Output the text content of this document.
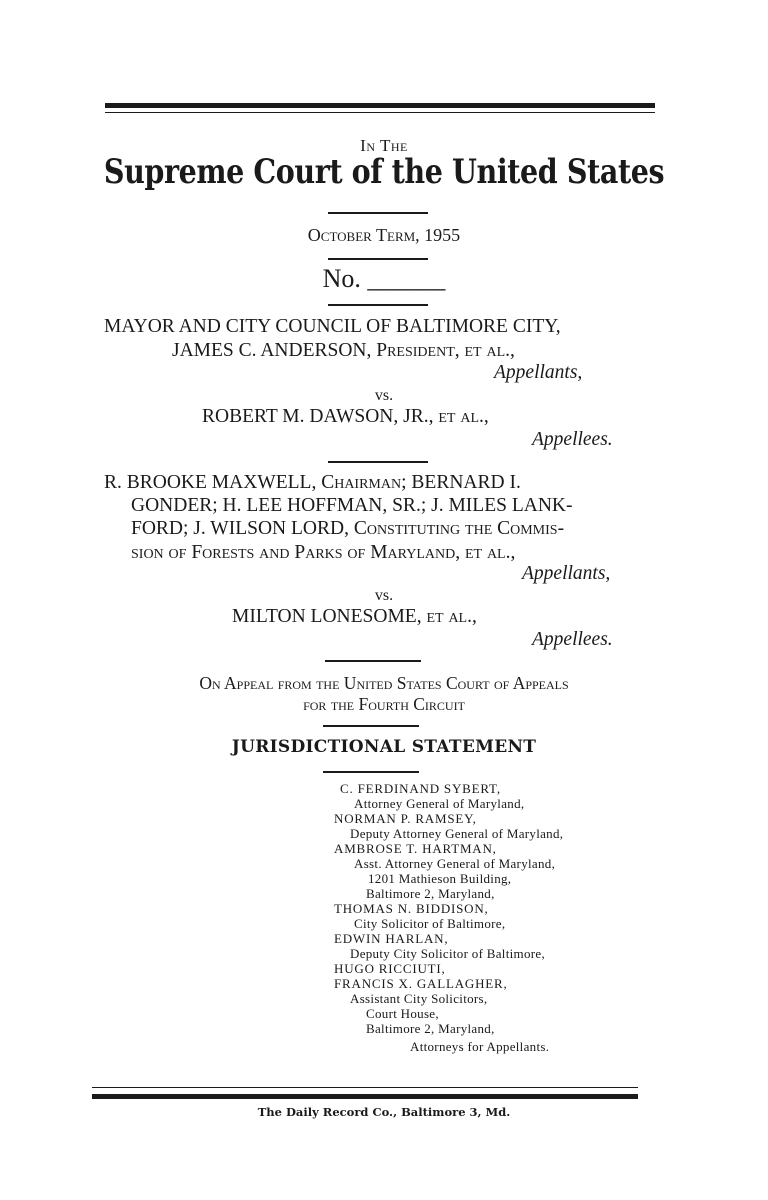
In The
Supreme Court of the United States
October Term, 1955
No. ______
MAYOR AND CITY COUNCIL OF BALTIMORE CITY,
JAMES C. ANDERSON, President, et al.,
Appellants,
vs.
ROBERT M. DAWSON, JR., et al.,
Appellees.
R. BROOKE MAXWELL, Chairman; BERNARD I.
GONDER; H. LEE HOFFMAN, SR.; J. MILES LANK-
FORD; J. WILSON LORD, Constituting the Commis-
sion of Forests and Parks of Maryland, et al.,
Appellants,
vs.
MILTON LONESOME, et al.,
Appellees.
On Appeal from the United States Court of Appeals
for the Fourth Circuit
JURISDICTIONAL STATEMENT
C. FERDINAND SYBERT,
Attorney General of Maryland,
NORMAN P. RAMSEY,
Deputy Attorney General of Maryland,
AMBROSE T. HARTMAN,
Asst. Attorney General of Maryland,
1201 Mathieson Building,
Baltimore 2, Maryland,
THOMAS N. BIDDISON,
City Solicitor of Baltimore,
EDWIN HARLAN,
Deputy City Solicitor of Baltimore,
HUGO RICCIUTI,
FRANCIS X. GALLAGHER,
Assistant City Solicitors,
Court House,
Baltimore 2, Maryland,
Attorneys for Appellants.
The Daily Record Co., Baltimore 3, Md.
